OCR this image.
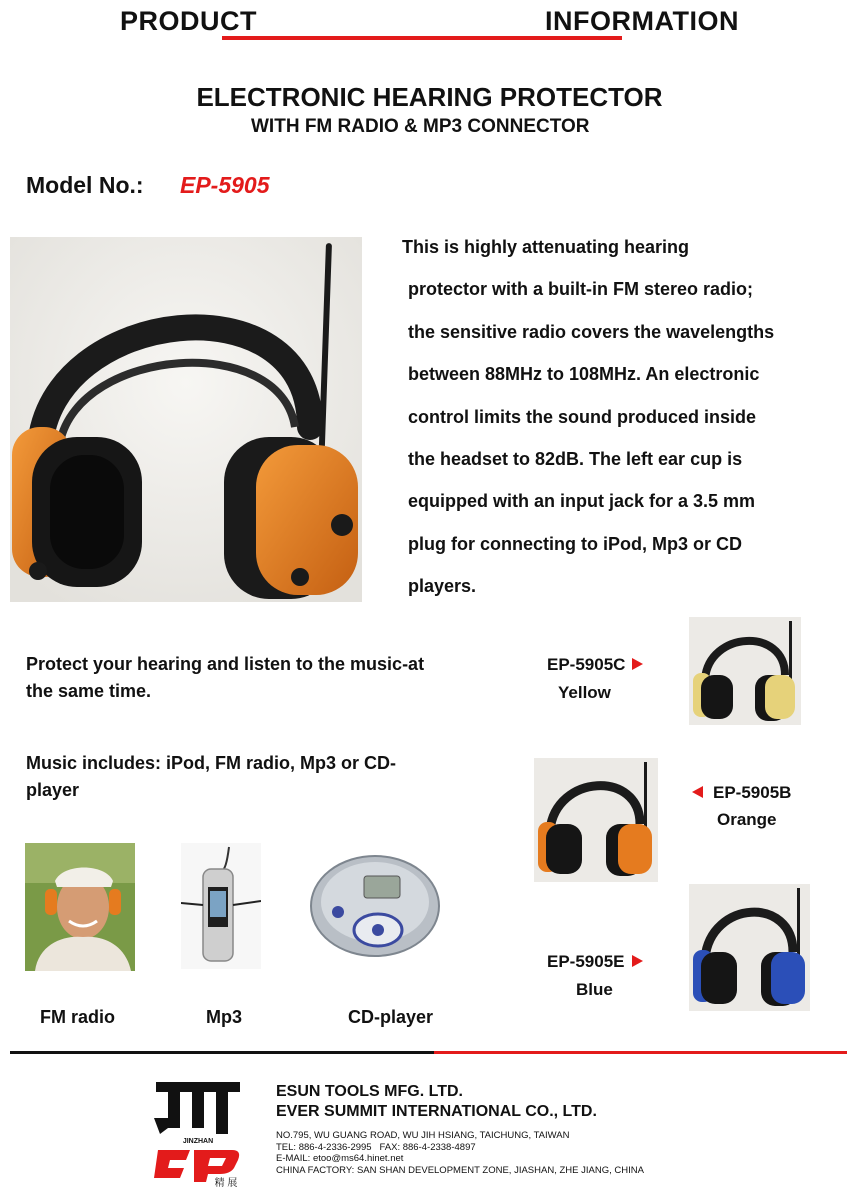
PRODUCT      INFORMATION
ELECTRONIC HEARING PROTECTOR
WITH FM RADIO & MP3 CONNECTOR
Model No.: EP-5905
This is highly attenuating hearing
protector with a built-in FM stereo radio;
the sensitive radio covers the wavelengths
between 88MHz to 108MHz. An electronic
control limits the sound produced inside
the headset to 82dB. The left ear cup is
equipped with an input jack for a 3.5 mm
plug for connecting to iPod, Mp3 or CD
players.
Protect your hearing and listen to the music-at the same time.
Music includes: iPod, FM radio, Mp3 or CD-player
EP-5905C
Yellow
EP-5905B
Orange
EP-5905E
Blue
FM radio	Mp3	CD-player
JINZHAN
精 展
ESUN TOOLS MFG. LTD.
EVER SUMMIT INTERNATIONAL CO., LTD.
NO.795, WU GUANG ROAD, WU JIH HSIANG, TAICHUNG, TAIWAN
TEL: 886-4-2336-2995   FAX: 886-4-2338-4897
E-MAIL: etoo@ms64.hinet.net
CHINA FACTORY: SAN SHAN DEVELOPMENT ZONE, JIASHAN, ZHE JIANG, CHINA
